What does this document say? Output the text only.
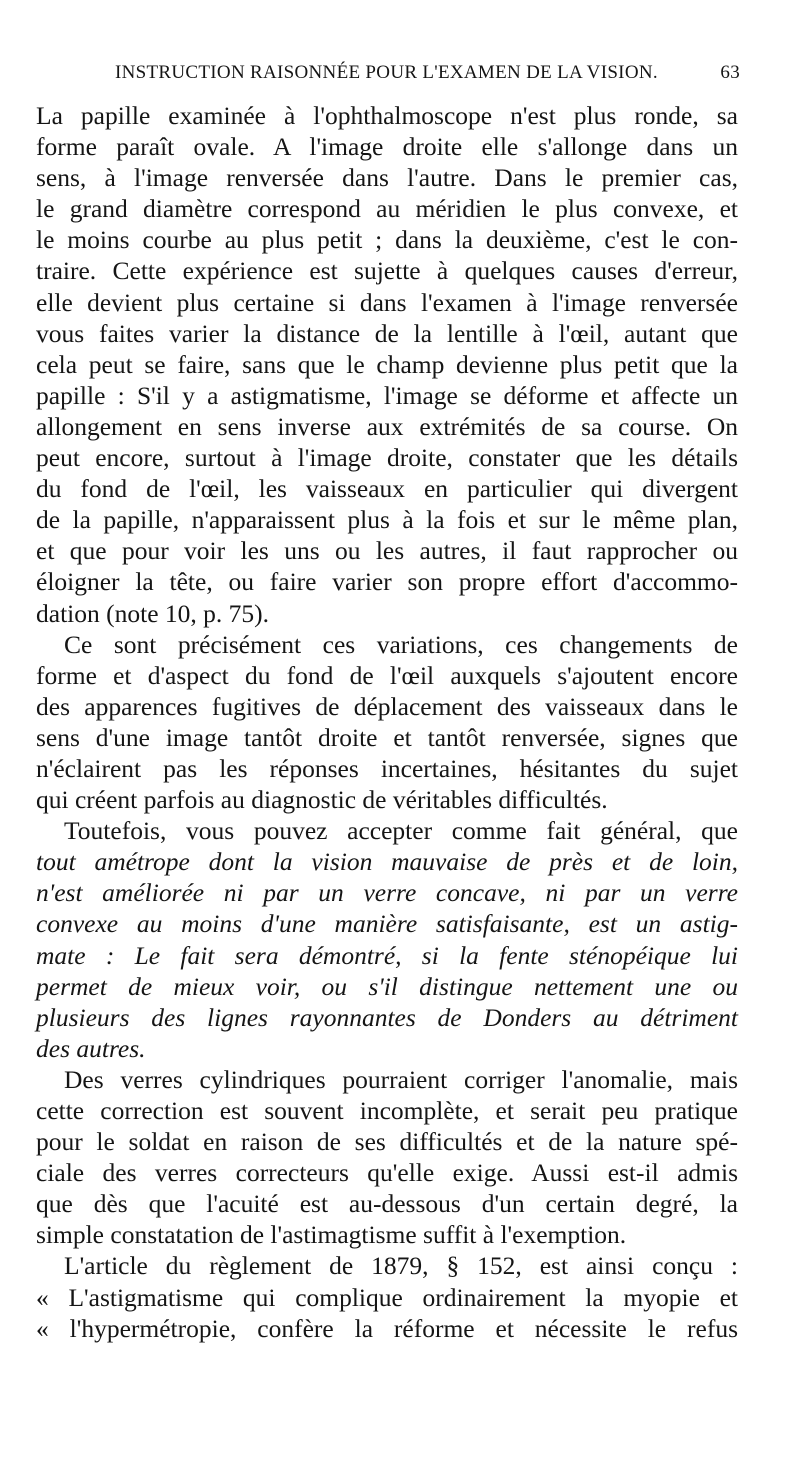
INSTRUCTION RAISONNÉE POUR L'EXAMEN DE LA VISION.	63
La papille examinée à l'ophthalmoscope n'est plus ronde, sa
forme paraît ovale. A l'image droite elle s'allonge dans un
sens, à l'image renversée dans l'autre. Dans le premier cas,
le grand diamètre correspond au méridien le plus convexe, et
le moins courbe au plus petit ; dans la deuxième, c'est le con-
traire. Cette expérience est sujette à quelques causes d'erreur,
elle devient plus certaine si dans l'examen à l'image renversée
vous faites varier la distance de la lentille à l'œil, autant que
cela peut se faire, sans que le champ devienne plus petit que la
papille : S'il y a astigmatisme, l'image se déforme et affecte un
allongement en sens inverse aux extrémités de sa course. On
peut encore, surtout à l'image droite, constater que les détails
du fond de l'œil, les vaisseaux en particulier qui divergent
de la papille, n'apparaissent plus à la fois et sur le même plan,
et que pour voir les uns ou les autres, il faut rapprocher ou
éloigner la tête, ou faire varier son propre effort d'accommo-
dation (note 10, p. 75).
Ce sont précisément ces variations, ces changements de
forme et d'aspect du fond de l'œil auxquels s'ajoutent encore
des apparences fugitives de déplacement des vaisseaux dans le
sens d'une image tantôt droite et tantôt renversée, signes que
n'éclairent pas les réponses incertaines, hésitantes du sujet
qui créent parfois au diagnostic de véritables difficultés.
Toutefois, vous pouvez accepter comme fait général, que
tout amétrope dont la vision mauvaise de près et de loin,
n'est améliorée ni par un verre concave, ni par un verre
convexe au moins d'une manière satisfaisante, est un astig-
mate : Le fait sera démontré, si la fente sténopéique lui
permet de mieux voir, ou s'il distingue nettement une ou
plusieurs des lignes rayonnantes de Donders au détriment
des autres.
Des verres cylindriques pourraient corriger l'anomalie, mais
cette correction est souvent incomplète, et serait peu pratique
pour le soldat en raison de ses difficultés et de la nature spé-
ciale des verres correcteurs qu'elle exige. Aussi est-il admis
que dès que l'acuité est au-dessous d'un certain degré, la
simple constatation de l'astimagtisme suffit à l'exemption.
L'article du règlement de 1879, § 152, est ainsi conçu :
« L'astigmatisme qui complique ordinairement la myopie et
« l'hypermétropie, confère la réforme et nécessite le refus
